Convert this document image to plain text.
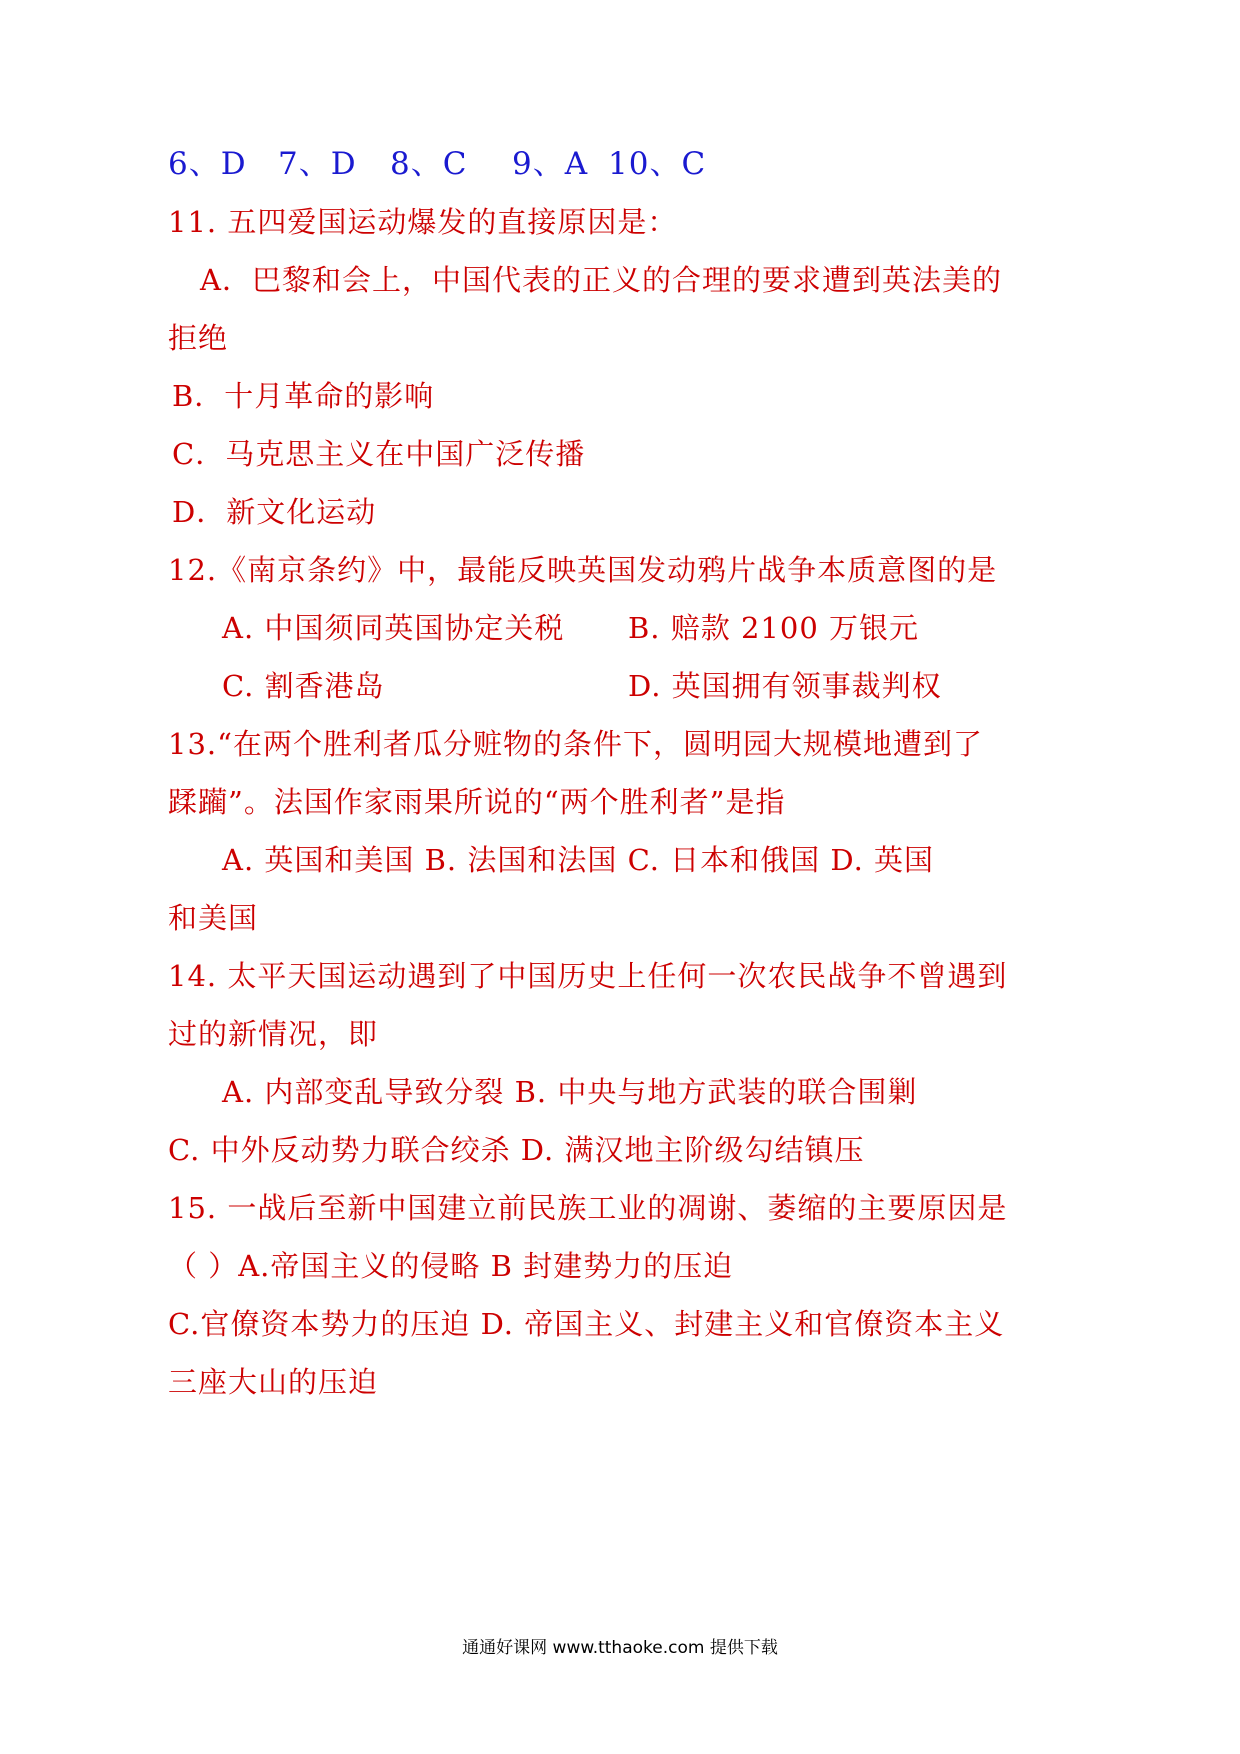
6、D 7、D 8、C 9、A 10、C
11. 五四爱国运动爆发的直接原因是：
A．巴黎和会上，中国代表的正义的合理的要求遭到英法美的
拒绝
B．十月革命的影响
C．马克思主义在中国广泛传播
D．新文化运动
12.《南京条约》中，最能反映英国发动鸦片战争本质意图的是
A. 中国须同英国协定关税 B. 赔款 2100 万银元
C. 割香港岛	D. 英国拥有领事裁判权
13.“在两个胜利者瓜分赃物的条件下，圆明园大规模地遭到了
蹂躏”。法国作家雨果所说的“两个胜利者”是指
A. 英国和美国 B. 法国和法国 C. 日本和俄国 D. 英国
和美国
14. 太平天国运动遇到了中国历史上任何一次农民战争不曾遇到
过的新情况，即
A. 内部变乱导致分裂 B. 中央与地方武装的联合围剿
C. 中外反动势力联合绞杀 D. 满汉地主阶级勾结镇压
15. 一战后至新中国建立前民族工业的凋谢、萎缩的主要原因是
（ ）A.帝国主义的侵略 B 封建势力的压迫
C.官僚资本势力的压迫 D. 帝国主义、封建主义和官僚资本主义
三座大山的压迫
通通好课网 www.tthaoke.com 提供下载
